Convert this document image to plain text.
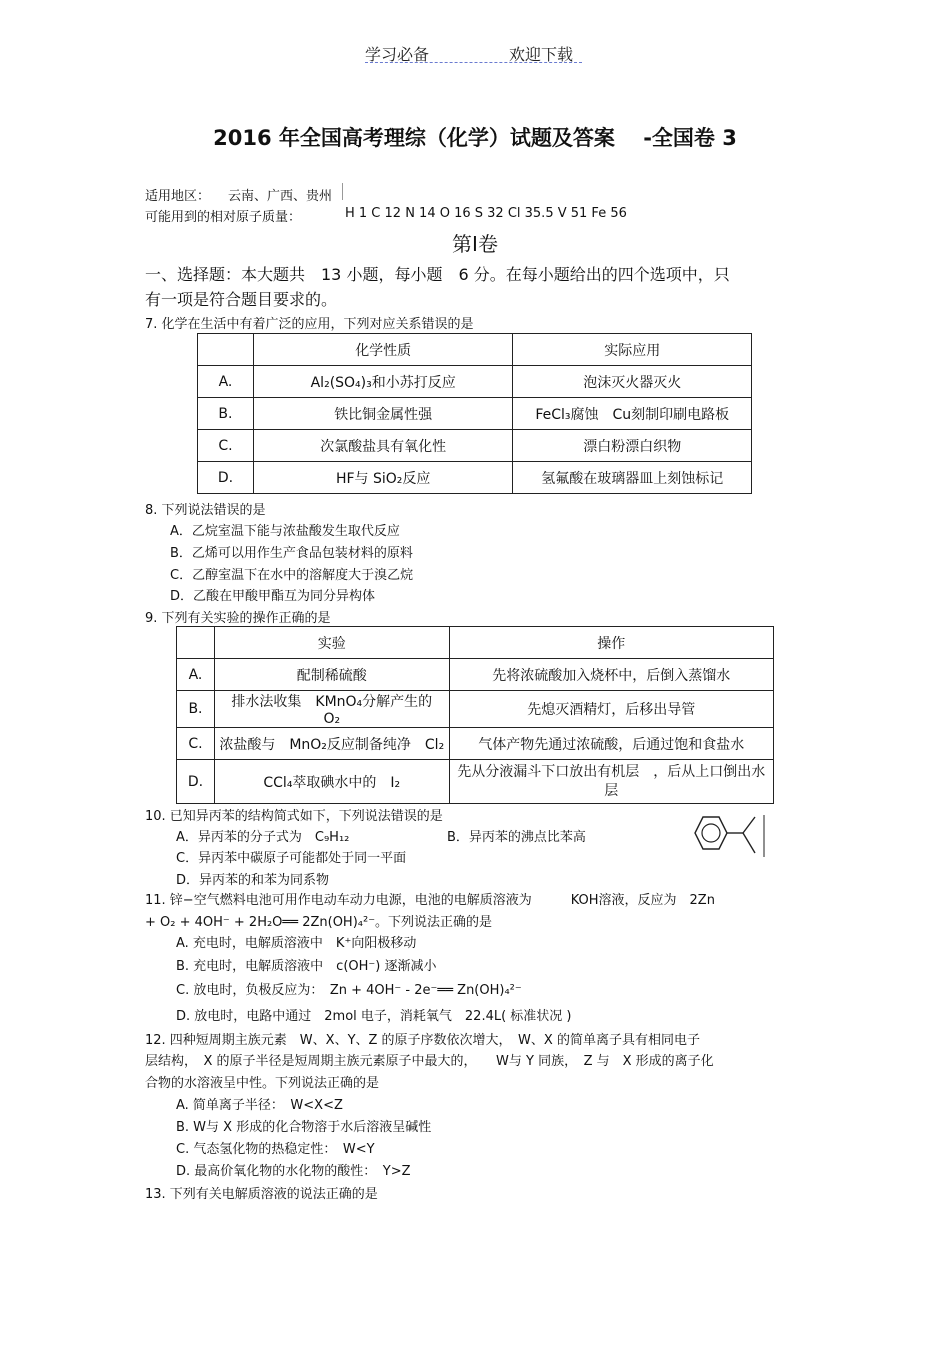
学习必备	欢迎下载
2016 年全国高考理综（化学）试题及答案　 -全国卷 3
适用地区： 云南、广西、贵州
可能用到的相对原子质量：	H 1 C 12 N 14 O 16 S 32 Cl 35.5 V 51 Fe 56
第Ⅰ卷
一、选择题：本大题共　13 小题，每小题　6 分。在每小题给出的四个选项中，只
有一项是符合题目要求的。
7. 化学在生活中有着广泛的应用，下列对应关系错误的是
	化学性质	实际应用
A.	Al₂(SO₄)₃和小苏打反应	泡沫灭火器灭火
B.	铁比铜金属性强	FeCl₃腐蚀　Cu刻制印刷电路板
C.	次氯酸盐具有氧化性	漂白粉漂白织物
D.	HF与 SiO₂反应	氢氟酸在玻璃器皿上刻蚀标记
8. 下列说法错误的是
A．乙烷室温下能与浓盐酸发生取代反应
B．乙烯可以用作生产食品包装材料的原料
C．乙醇室温下在水中的溶解度大于溴乙烷
D．乙酸在甲酸甲酯互为同分异构体
9. 下列有关实验的操作正确的是
	实验	操作
A.	配制稀硫酸	先将浓硫酸加入烧杯中，后倒入蒸馏水
B.	排水法收集　KMnO₄分解产生的　O₂	先熄灭酒精灯，后移出导管
C.	浓盐酸与　MnO₂反应制备纯净　Cl₂	气体产物先通过浓硫酸，后通过饱和食盐水
D.	CCl₄萃取碘水中的　I₂	先从分液漏斗下口放出有机层　，后从上口倒出水层
10. 已知异丙苯的结构简式如下，下列说法错误的是
A．异丙苯的分子式为　C₉H₁₂	B．异丙苯的沸点比苯高
C．异丙苯中碳原子可能都处于同一平面
D．异丙苯的和苯为同系物
11. 锌−空气燃料电池可用作电动车动力电源，电池的电解质溶液为　　　KOH溶液，反应为　2Zn
+ O₂ + 4OH⁻ + 2H₂O══ 2Zn(OH)₄²⁻。下列说法正确的是
A. 充电时，电解质溶液中　K⁺向阳极移动
B. 充电时，电解质溶液中　c(OH⁻) 逐渐减小
C. 放电时，负极反应为：　Zn + 4OH⁻ - 2e⁻══ Zn(OH)₄²⁻
D. 放电时，电路中通过　2mol 电子，消耗氧气　22.4L( 标准状况 )
12. 四种短周期主族元素　W、X、Y、Z 的原子序数依次增大，　W、X 的简单离子具有相同电子
层结构，　X 的原子半径是短周期主族元素原子中最大的，　　W与 Y 同族，　Z 与　X 形成的离子化
合物的水溶液呈中性。下列说法正确的是
A. 简单离子半径：　W<X<Z
B. W与 X 形成的化合物溶于水后溶液呈碱性
C. 气态氢化物的热稳定性：　W<Y
D. 最高价氧化物的水化物的酸性：　Y>Z
13. 下列有关电解质溶液的说法正确的是
